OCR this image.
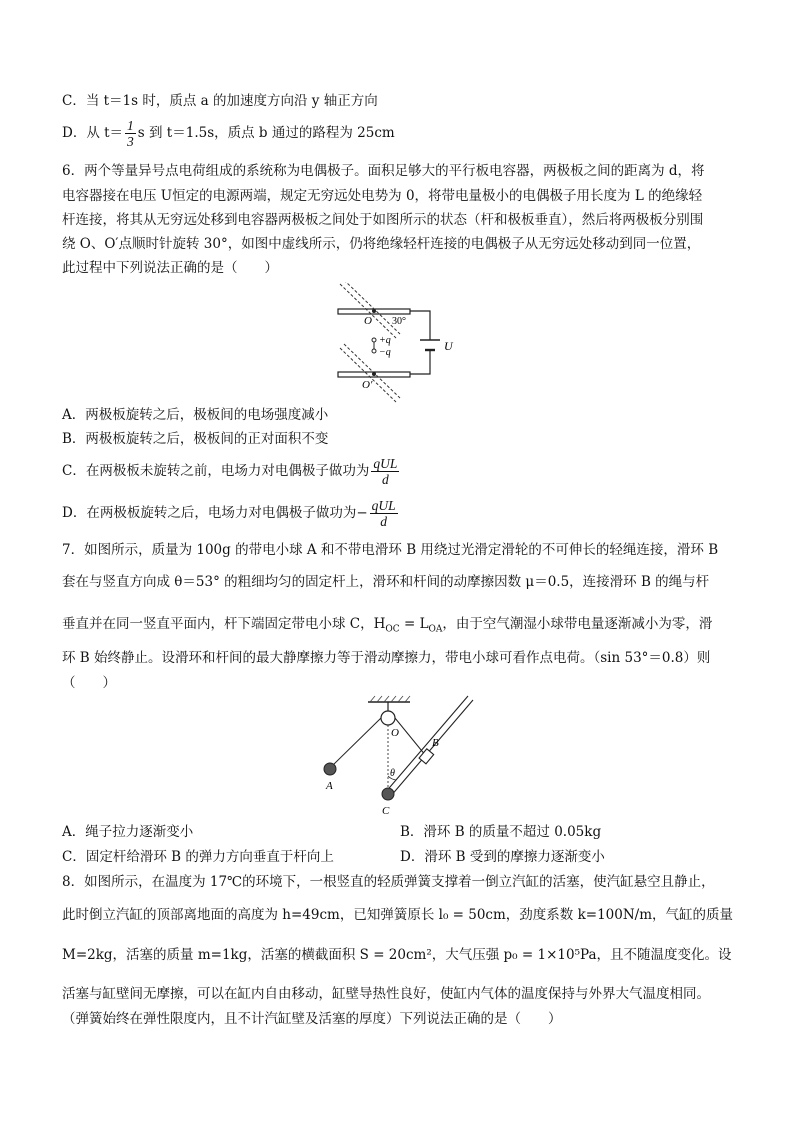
C．当 t＝1s 时，质点 a 的加速度方向沿 y 轴正方向
D．从 $t= \frac{1}{3}$ s 到 t＝1.5s，质点 b 通过的路程为 25cm
6．两个等量异号点电荷组成的系统称为电偶极子。面积足够大的平行板电容器，两极板之间的距离为 d，将
电容器接在电压 U恒定的电源两端，规定无穷远处电势为 0，将带电量极小的电偶极子用长度为 L 的绝缘轻
杆连接，将其从无穷远处移到电容器两极板之间处于如图所示的状态（杆和极板垂直），然后将两极板分别围
绕 O、O′点顺时针旋转 30°，如图中虚线所示，仍将绝缘轻杆连接的电偶极子从无穷远处移动到同一位置，
此过程中下列说法正确的是（　　）
O
O′
30°
+q
−q	U
A．两极板旋转之后，极板间的电场强度减小
B．两极板旋转之后，极板间的正对面积不变
C．在两极板未旋转之前，电场力对电偶极子做功为 $\frac{\text{qUL}}{d}$
D．在两极板旋转之后，电场力对电偶极子做功为− $\frac{\text{qUL}}{d}$
7．如图所示，质量为 100g 的带电小球 A 和不带电滑环 B 用绕过光滑定滑轮的不可伸长的轻绳连接，滑环 B
套在与竖直方向成 θ＝53° 的粗细均匀的固定杆上，滑环和杆间的动摩擦因数 μ＝0.5，连接滑环 B 的绳与杆
垂直并在同一竖直平面内，杆下端固定带电小球 C，$H_{OC} = L_{OA}$，由于空气潮湿小球带电量逐渐减小为零，滑
环 B 始终静止。设滑环和杆间的最大静摩擦力等于滑动摩擦力，带电小球可看作点电荷。（sin 53°＝0.8）则
（　　）
O
A
B
C
θ
A．绳子拉力逐渐变小	B．滑环 B 的质量不超过 0.05kg
C．固定杆给滑环 B 的弹力方向垂直于杆向上	D．滑环 B 受到的摩擦力逐渐变小
8．如图所示，在温度为 17℃的环境下，一根竖直的轻质弹簧支撑着一倒立汽缸的活塞，使汽缸悬空且静止，
此时倒立汽缸的顶部离地面的高度为 h=49cm，已知弹簧原长 l₀ = 50cm，劲度系数 k=100N/m，气缸的质量
M=2kg，活塞的质量 m=1kg，活塞的横截面积 S = 20cm²，大气压强 p₀ = 1×10⁵Pa，且不随温度变化。设
活塞与缸壁间无摩擦，可以在缸内自由移动，缸壁导热性良好，使缸内气体的温度保持与外界大气温度相同。
（弹簧始终在弹性限度内，且不计汽缸壁及活塞的厚度）下列说法正确的是（　　）
